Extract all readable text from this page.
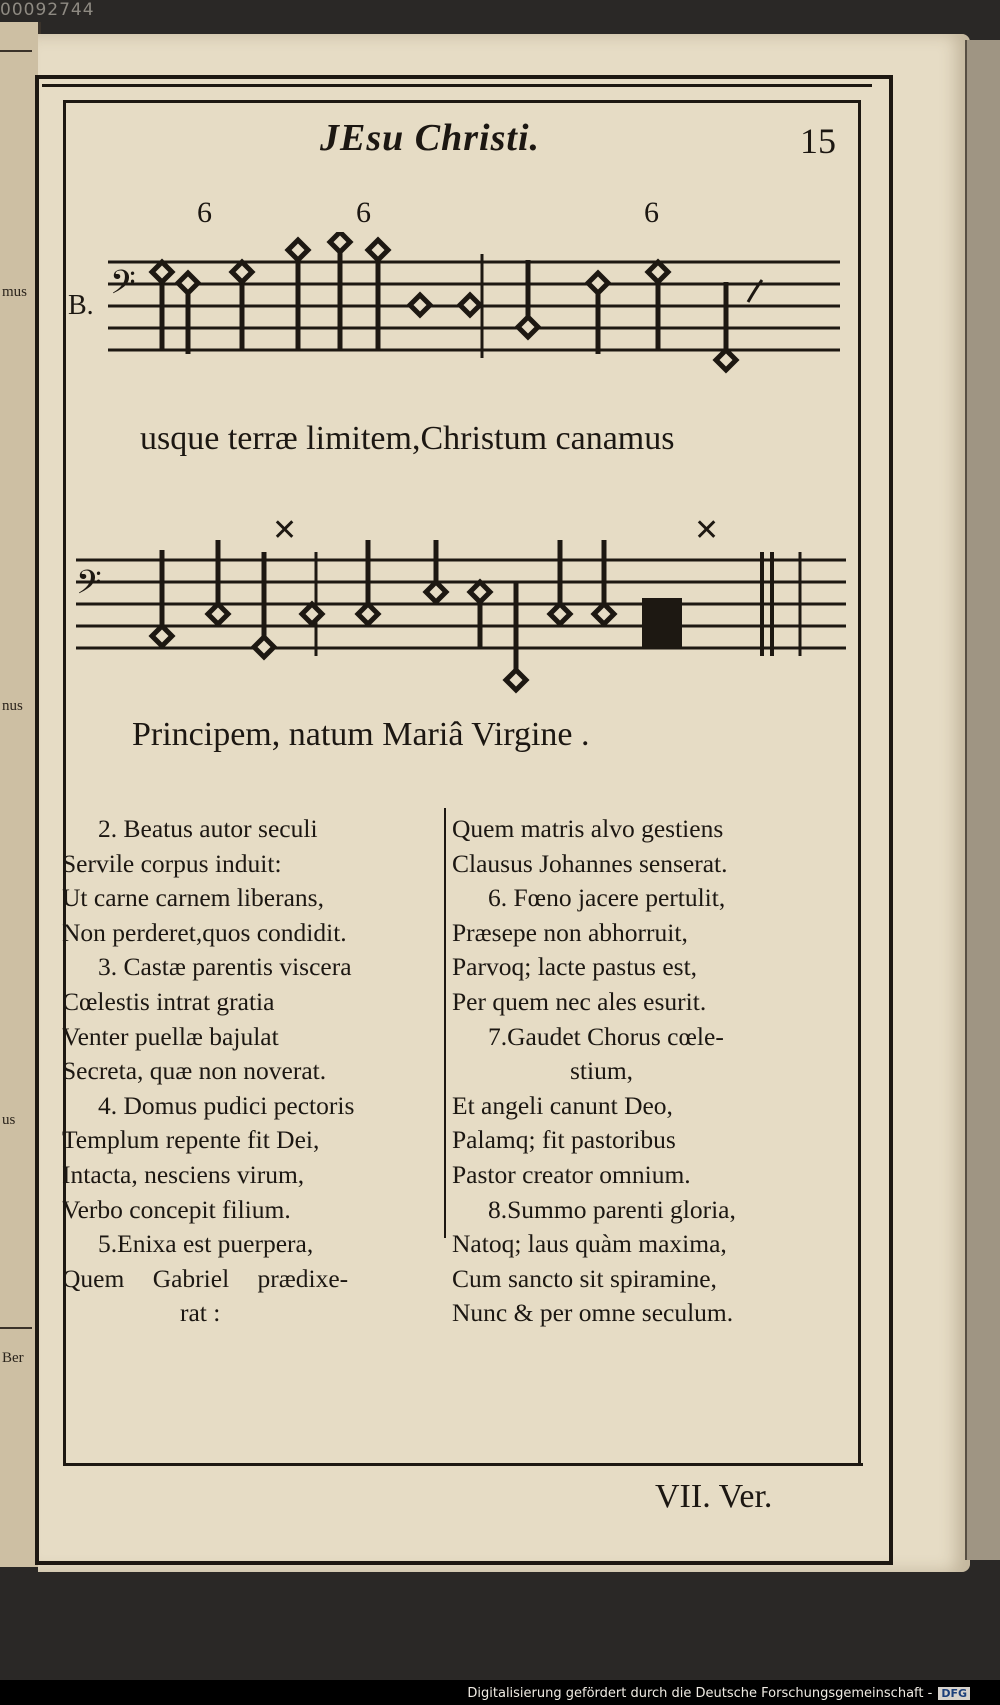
00092744
mus
nus
us
Ber
JEsu Christi.	15
6	6	6
B. 𝄢
usque terræ limitem,Christum canamus
𝄢
✕	✕
Principem, natum Mariâ Virgine .
2. Beatus autor seculi
Servile corpus induit:
Ut carne carnem liberans,
Non perderet,quos condidit.
3. Castæ parentis viscera
Cœlestis intrat gratia
Venter puellæ bajulat
Secreta, quæ non noverat.
4. Domus pudici pectoris
Templum repente fit Dei,
Intacta, nesciens virum,
Verbo concepit filium.
5.Enixa est puerpera,
Quem Gabriel prædixe-
rat :
Quem matris alvo gestiens
Clausus Johannes senserat.
6. Fœno jacere pertulit,
Præsepe non abhorruit,
Parvoq; lacte pastus est,
Per quem nec ales esurit.
7.Gaudet Chorus cœle-
stium,
Et angeli canunt Deo,
Palamq; fit pastoribus
Pastor creator omnium.
8.Summo parenti gloria,
Natoq; laus quàm maxima,
Cum sancto sit spiramine,
Nunc & per omne seculum.
VII. Ver.
Digitalisierung gefördert durch die Deutsche Forschungsgemeinschaft - DFG
